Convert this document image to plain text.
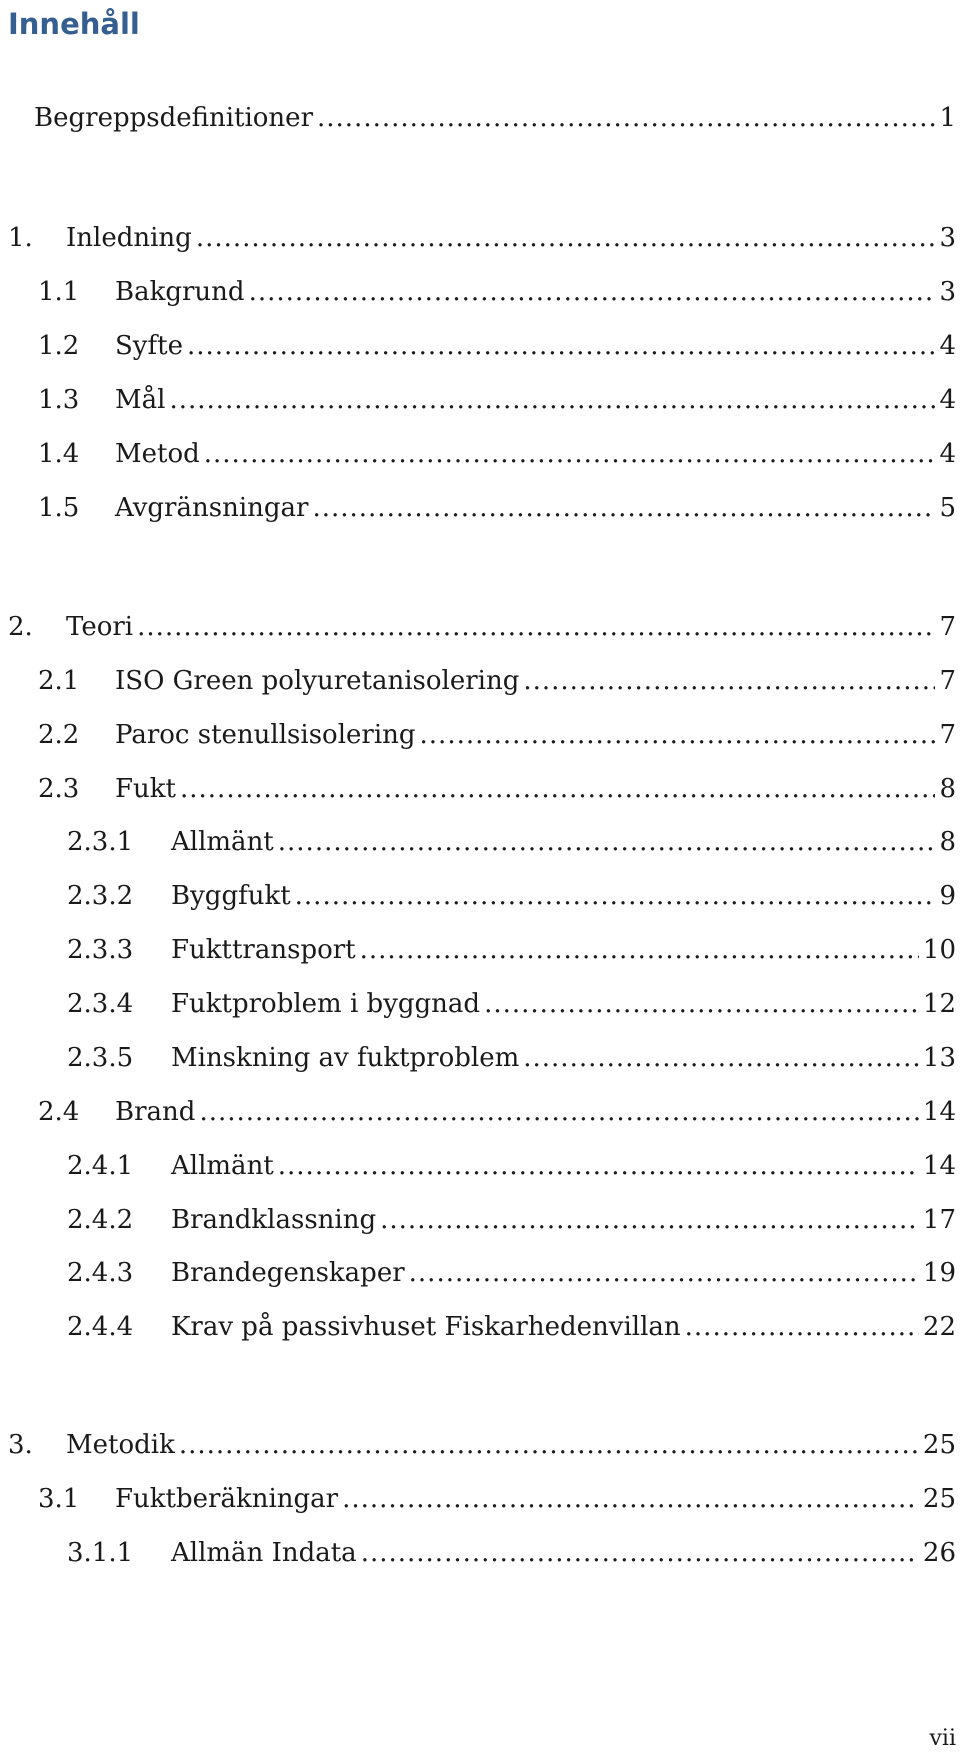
Innehåll
Begreppsdefinitioner .....	1
1.	Inledning .....	3
1.1	Bakgrund .....	3
1.2	Syfte .....	4
1.3	Mål .....	4
1.4	Metod .....	4
1.5	Avgränsningar .....	5
2.	Teori .....	7
2.1	ISO Green polyuretanisolering .....	7
2.2	Paroc stenullsisolering .....	7
2.3	Fukt .....	8
2.3.1	Allmänt .....	8
2.3.2	Byggfukt .....	9
2.3.3	Fukttransport .....	10
2.3.4	Fuktproblem i byggnad .....	12
2.3.5	Minskning av fuktproblem .....	13
2.4	Brand .....	14
2.4.1	Allmänt .....	14
2.4.2	Brandklassning .....	17
2.4.3	Brandegenskaper .....	19
2.4.4	Krav på passivhuset Fiskarhedenvillan .....	22
3.	Metodik .....	25
3.1	Fuktberäkningar .....	25
3.1.1	Allmän Indata .....	26
vii
